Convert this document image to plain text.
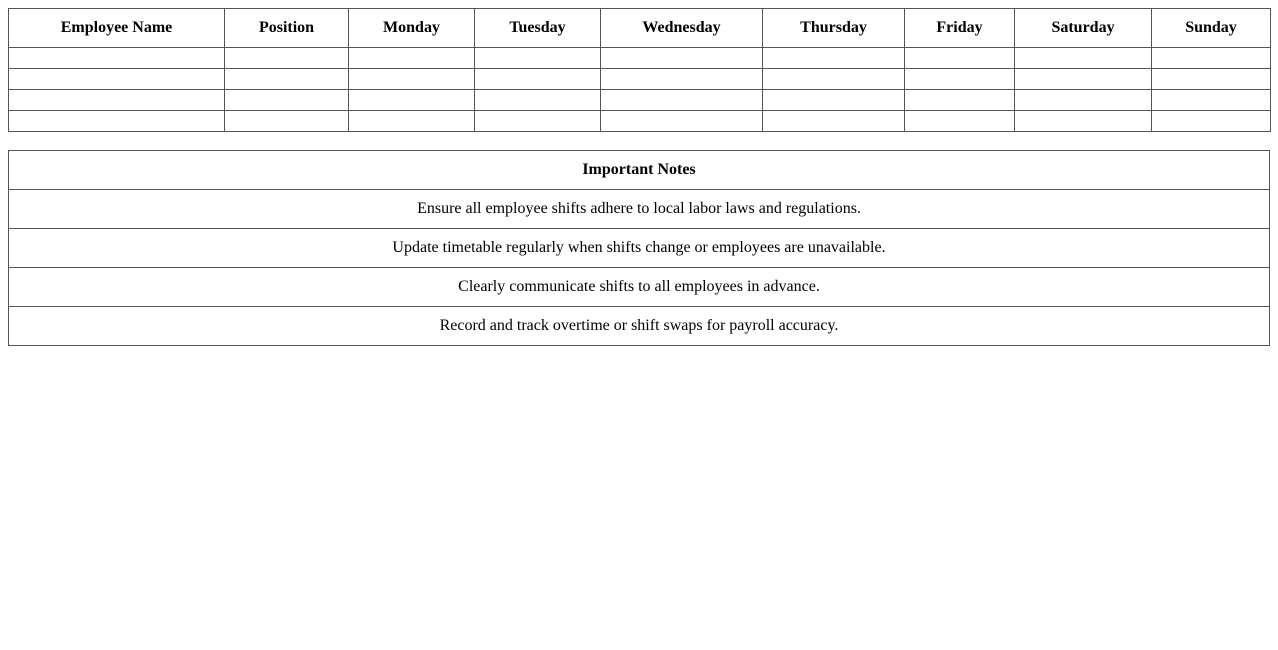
Employee Name	Position	Monday	Tuesday	Wednesday	Thursday	Friday	Saturday	Sunday

Important Notes
Ensure all employee shifts adhere to local labor laws and regulations.
Update timetable regularly when shifts change or employees are unavailable.
Clearly communicate shifts to all employees in advance.
Record and track overtime or shift swaps for payroll accuracy.
